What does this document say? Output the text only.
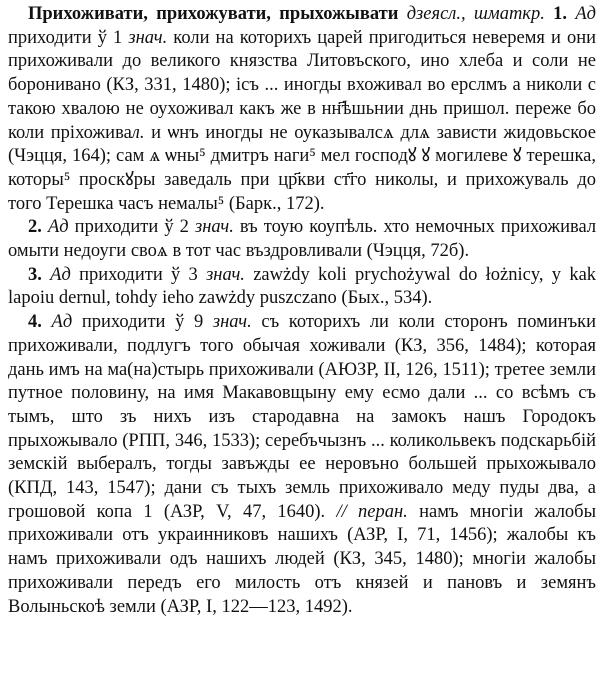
Прихоживати, прихожувати, прыхожывати дзеясл., шматкр. 1. Ад приходити ў 1 знач. коли на которихъ царей пригодиться неверемя и они прихоживали до великого князства Литовъского, ино хлеба и соли не боронивано (КЗ, 331, 1480); ісъ ... иногды вхоживал во ерслмъ а николи с такою хвалою не оухоживал какъ же в нн҃ѣшьнии днь пришол. переже бо коли пріхоживал. и ѡнъ иногды не оуказывалсѧ длѧ зависти жидовьское (Чэцця, 164); сам ѧ ѡны⁵ дмитръ наги⁵ мел господꙋ ꙋ могилеве ꙋ терешка, которы⁵ проскꙋры заведаль при цр҃кви ст҃го николы, и прихожуваль до того Терешка часъ немалы⁵ (Барк., 172).

2. Ад приходити ў 2 знач. въ тоую коупѣль. хто немочных прихоживал омыти недоуги своѧ в тот час въздровливали (Чэцця, 72б).

3. Ад приходити ў 3 знач. zawżdy koli prychożywal do łożnicy, y kak lapoiu dernul, tohdy ieho zawżdy puszczano (Бых., 534).

4. Ад приходити ў 9 знач. съ которихъ ли коли сторонъ поминъки прихоживали, подлугъ того обычая хоживали (КЗ, 356, 1484); которая дань имъ на ма(на)стырь прихоживали (АЮЗР, II, 126, 1511); третее земли путное половину, на имя Макавовщыну ему есмо дали ... со всѣмъ съ тымъ, што зъ нихъ изъ стародавна на замокъ нашъ Городокъ прыхожывало (РПП, 346, 1533); серебъчызнъ ... коликольвекъ подскарьбій земскій выбералъ, тогды завъжды ее неровъно большей прыхожывало (КПД, 143, 1547); дани съ тыхъ земль прихоживало меду пуды два, а грошовой копа 1 (АЗР, V, 47, 1640). // перан. намъ многіи жалобы прихоживали отъ украинниковъ нашихъ (АЗР, I, 71, 1456); жалобы къ намъ прихоживали одъ нашихъ людей (КЗ, 345, 1480); многіи жалобы прихоживали передъ его милость отъ князей и пановъ и земянъ Волыньскоѣ земли (АЗР, I, 122—123, 1492).
